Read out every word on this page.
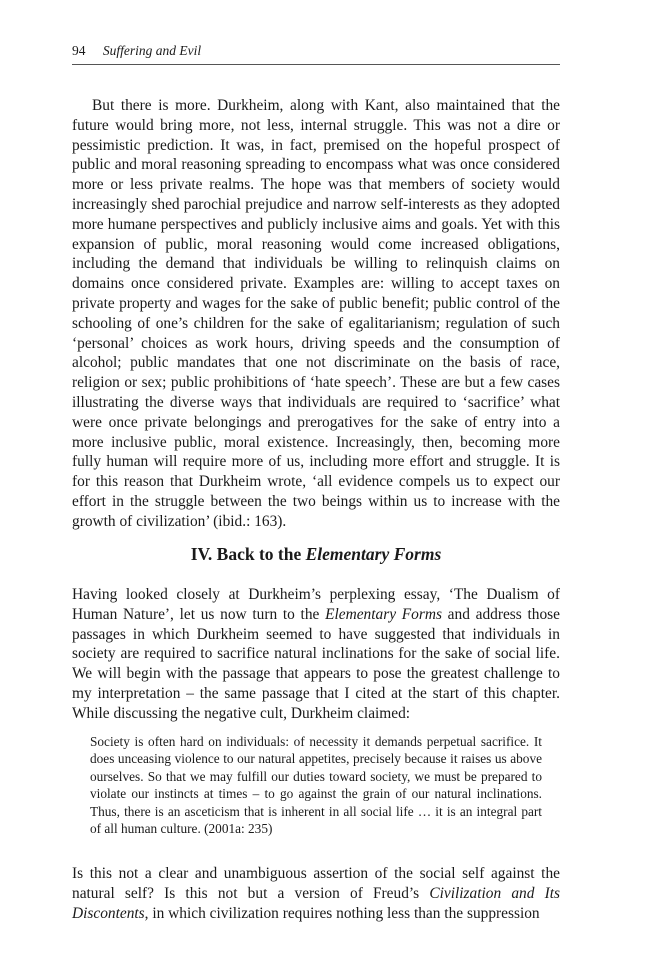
94 Suffering and Evil

But there is more. Durkheim, along with Kant, also maintained that the future would bring more, not less, internal struggle. This was not a dire or pessimistic prediction. It was, in fact, premised on the hopeful prospect of public and moral reasoning spreading to encompass what was once considered more or less private realms. The hope was that members of society would increasingly shed parochial prejudice and narrow self-interests as they adopted more humane perspectives and publicly inclusive aims and goals. Yet with this expansion of public, moral reasoning would come increased obligations, including the demand that individuals be willing to relinquish claims on domains once considered private. Examples are: willing to accept taxes on private property and wages for the sake of public benefit; public control of the schooling of one’s children for the sake of egalitarianism; regulation of such ‘personal’ choices as work hours, driving speeds and the consumption of alcohol; public mandates that one not discriminate on the basis of race, religion or sex; public prohibitions of ‘hate speech’. These are but a few cases illustrating the diverse ways that individuals are required to ‘sacrifice’ what were once private belongings and prerogatives for the sake of entry into a more inclusive public, moral existence. Increasingly, then, becoming more fully human will require more of us, including more effort and struggle. It is for this reason that Durkheim wrote, ‘all evidence compels us to expect our effort in the struggle between the two beings within us to increase with the growth of civilization’ (ibid.: 163).

IV. Back to the Elementary Forms

Having looked closely at Durkheim’s perplexing essay, ‘The Dualism of Human Nature’, let us now turn to the Elementary Forms and address those passages in which Durkheim seemed to have suggested that individuals in society are required to sacrifice natural inclinations for the sake of social life. We will begin with the passage that appears to pose the greatest challenge to my interpretation – the same passage that I cited at the start of this chapter. While discussing the negative cult, Durkheim claimed:

Society is often hard on individuals: of necessity it demands perpetual sacrifice. It does unceasing violence to our natural appetites, precisely because it raises us above ourselves. So that we may fulfill our duties toward society, we must be prepared to violate our instincts at times – to go against the grain of our natural inclinations. Thus, there is an asceticism that is inherent in all social life … it is an integral part of all human culture. (2001a: 235)

Is this not a clear and unambiguous assertion of the social self against the natural self? Is this not but a version of Freud’s Civilization and Its Discontents, in which civilization requires nothing less than the suppression
